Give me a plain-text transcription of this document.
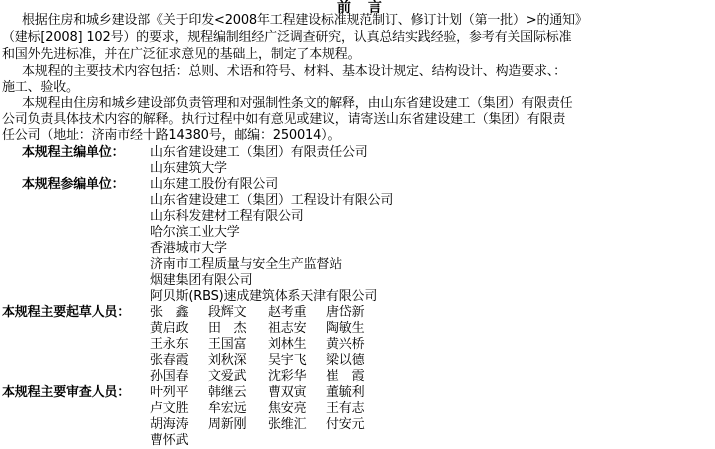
前 言
根据住房和城乡建设部《关于印发<2008年工程建设标准规范制订、修订计划（第一批）>的通知》
（建标[2008] 102号）的要求，规程编制组经广泛调查研究，认真总结实践经验，参考有关国际标准
和国外先进标准，并在广泛征求意见的基础上，制定了本规程。
本规程的主要技术内容包括：总则、术语和符号、材料、基本设计规定、结构设计、构造要求、：
施工、验收。
本规程由住房和城乡建设部负责管理和对强制性条文的解释，由山东省建设建工（集团）有限责任
公司负责具体技术内容的解释。执行过程中如有意见或建议，请寄送山东省建设建工（集团）有限责
任公司（地址：济南市经十路14380号，邮编：250014）。
本规程主编单位： 山东省建设建工（集团）有限责任公司
山东建筑大学
本规程参编单位： 山东建工股份有限公司
山东省建设建工（集团）工程设计有限公司
山东科发建材工程有限公司
哈尔滨工业大学
香港城市大学
济南市工程质量与安全生产监督站
烟建集团有限公司
阿贝斯(RBS)速成建筑体系天津有限公司
本规程主要起草人员： 张　鑫 段辉文 赵考重 唐岱新
黄启政 田　杰 祖志安 陶敏生
王永东 王国富 刘林生 黄兴桥
张春霞 刘秋深 吴宇飞 梁以德
孙国春 文爱武 沈彩华 崔　霞
本规程主要审查人员： 叶列平 韩继云 曹双寅 董毓利
卢文胜 牟宏远 焦安亮 王有志
胡海涛 周新刚 张维汇 付安元
曹怀武
